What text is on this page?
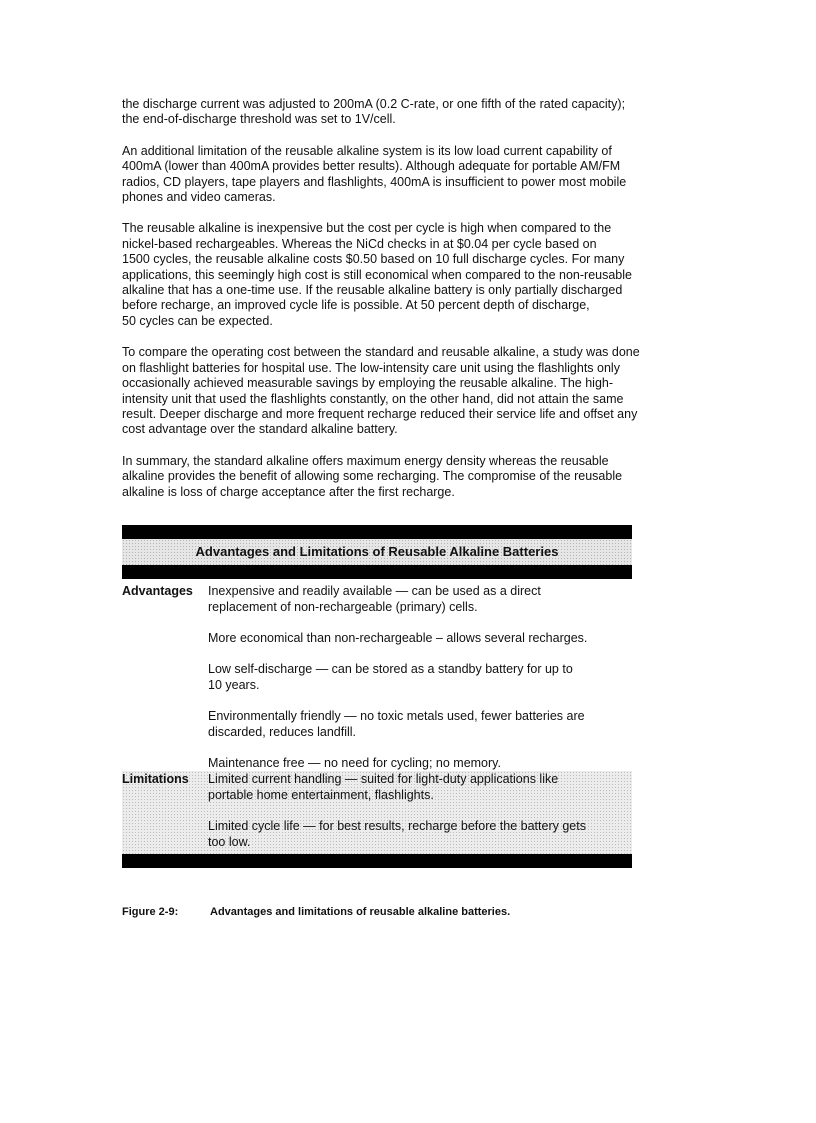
the discharge current was adjusted to 200mA (0.2 C-rate, or one fifth of the rated capacity);
the end-of-discharge threshold was set to 1V/cell.

An additional limitation of the reusable alkaline system is its low load current capability of
400mA (lower than 400mA provides better results). Although adequate for portable AM/FM
radios, CD players, tape players and flashlights, 400mA is insufficient to power most mobile
phones and video cameras.

The reusable alkaline is inexpensive but the cost per cycle is high when compared to the
nickel-based rechargeables. Whereas the NiCd checks in at $0.04 per cycle based on
1500 cycles, the reusable alkaline costs $0.50 based on 10 full discharge cycles. For many
applications, this seemingly high cost is still economical when compared to the non-reusable
alkaline that has a one-time use. If the reusable alkaline battery is only partially discharged
before recharge, an improved cycle life is possible. At 50 percent depth of discharge,
50 cycles can be expected.

To compare the operating cost between the standard and reusable alkaline, a study was done
on flashlight batteries for hospital use. The low-intensity care unit using the flashlights only
occasionally achieved measurable savings by employing the reusable alkaline. The high-
intensity unit that used the flashlights constantly, on the other hand, did not attain the same
result. Deeper discharge and more frequent recharge reduced their service life and offset any
cost advantage over the standard alkaline battery.

In summary, the standard alkaline offers maximum energy density whereas the reusable
alkaline provides the benefit of allowing some recharging. The compromise of the reusable
alkaline is loss of charge acceptance after the first recharge.

Advantages and Limitations of Reusable Alkaline Batteries
Advantages	Inexpensive and readily available — can be used as a direct
replacement of non-rechargeable (primary) cells.

More economical than non-rechargeable – allows several recharges.

Low self-discharge — can be stored as a standby battery for up to
10 years.

Environmentally friendly — no toxic metals used, fewer batteries are
discarded, reduces landfill.

Maintenance free — no need for cycling; no memory.

Limitations	Limited current handling — suited for light-duty applications like
portable home entertainment, flashlights.

Limited cycle life — for best results, recharge before the battery gets
too low.

Figure 2-9:	Advantages and limitations of reusable alkaline batteries.
